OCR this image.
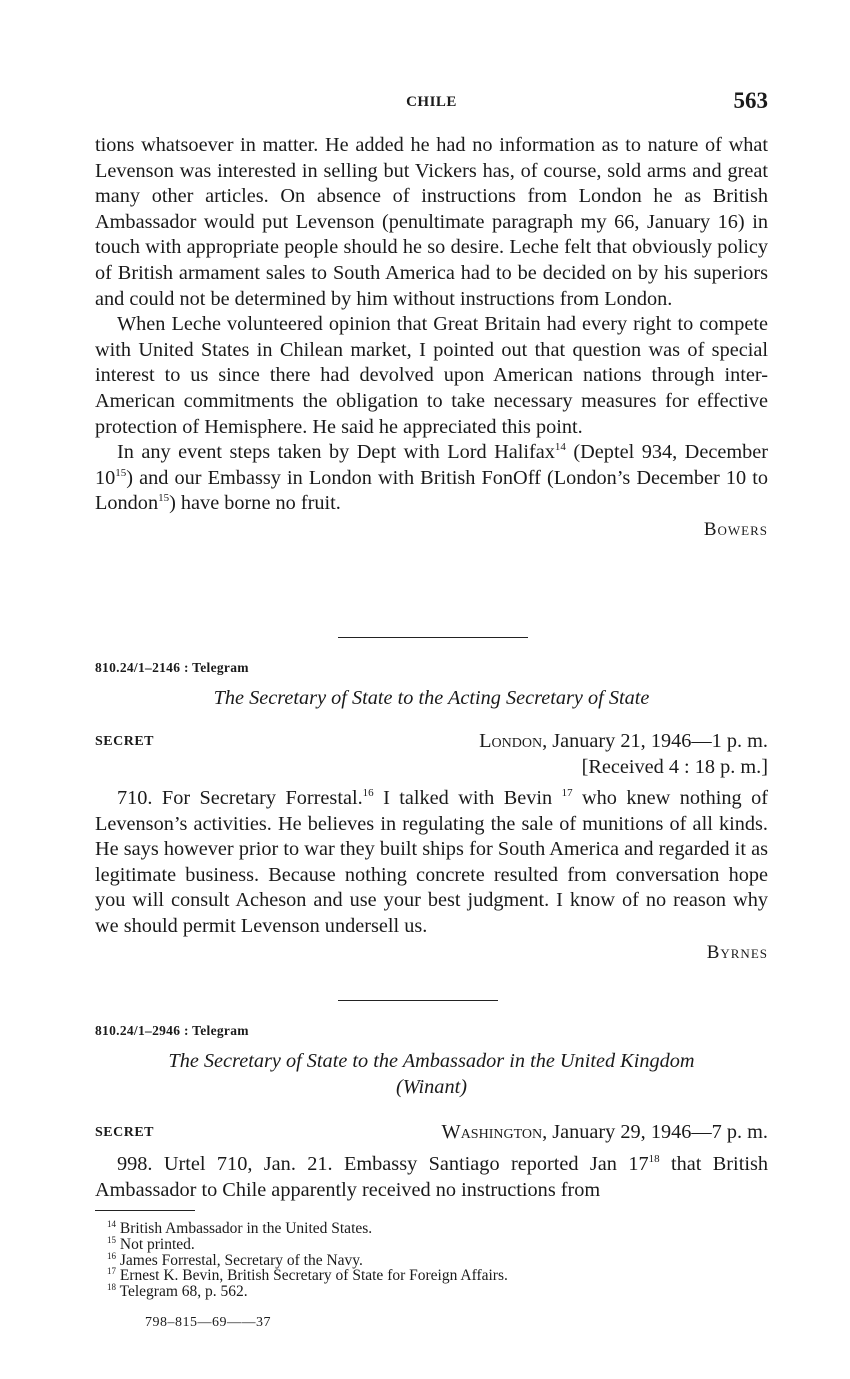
CHILE	563

tions whatsoever in matter. He added he had no information as to nature of what Levenson was interested in selling but Vickers has, of course, sold arms and great many other articles. On absence of instructions from London he as British Ambassador would put Levenson (penultimate paragraph my 66, January 16) in touch with appropriate people should he so desire. Leche felt that obviously policy of British armament sales to South America had to be decided on by his superiors and could not be determined by him without instructions from London.

When Leche volunteered opinion that Great Britain had every right to compete with United States in Chilean market, I pointed out that question was of special interest to us since there had devolved upon American nations through inter-American commitments the obligation to take necessary measures for effective protection of Hemisphere. He said he appreciated this point.

In any event steps taken by Dept with Lord Halifax$^{14}$ (Deptel 934, December $10^{15}$) and our Embassy in London with British FonOff (London’s December 10 to London$^{15}$) have borne no fruit.

Bowers
810.24/1–2146 : Telegram
The Secretary of State to the Acting Secretary of State
SECRET	London, January 21, 1946—1 p. m.
[Received 4 : 18 p. m.]

710. For Secretary Forrestal.$^{16}$ I talked with Bevin $^{17}$ who knew nothing of Levenson’s activities. He believes in regulating the sale of munitions of all kinds. He says however prior to war they built ships for South America and regarded it as legitimate business. Because nothing concrete resulted from conversation hope you will consult Acheson and use your best judgment. I know of no reason why we should permit Levenson undersell us.

Byrnes
810.24/1–2946 : Telegram
The Secretary of State to the Ambassador in the United Kingdom
(Winant)
SECRET	Washington, January 29, 1946—7 p. m.

998. Urtel 710, Jan. 21. Embassy Santiago reported Jan $17^{18}$ that British Ambassador to Chile apparently received no instructions from

$^{14}$ British Ambassador in the United States.
$^{15}$ Not printed.
$^{16}$ James Forrestal, Secretary of the Navy.
$^{17}$ Ernest K. Bevin, British Secretary of State for Foreign Affairs.
$^{18}$ Telegram 68, p. 562.
798–815—69——37
